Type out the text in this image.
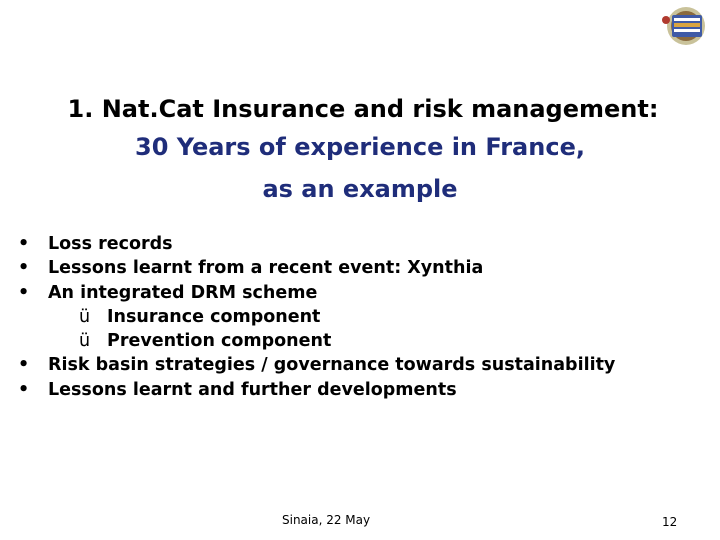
1. Nat.Cat Insurance and risk management:
30 Years of experience in France,
as an example
•	Loss records
•	Lessons learnt from a recent event: Xynthia
•	An integrated DRM scheme
ü Insurance component
ü Prevention component
•	Risk basin strategies / governance towards sustainability
•	Lessons learnt and further developments
Sinaia, 22 May	12
